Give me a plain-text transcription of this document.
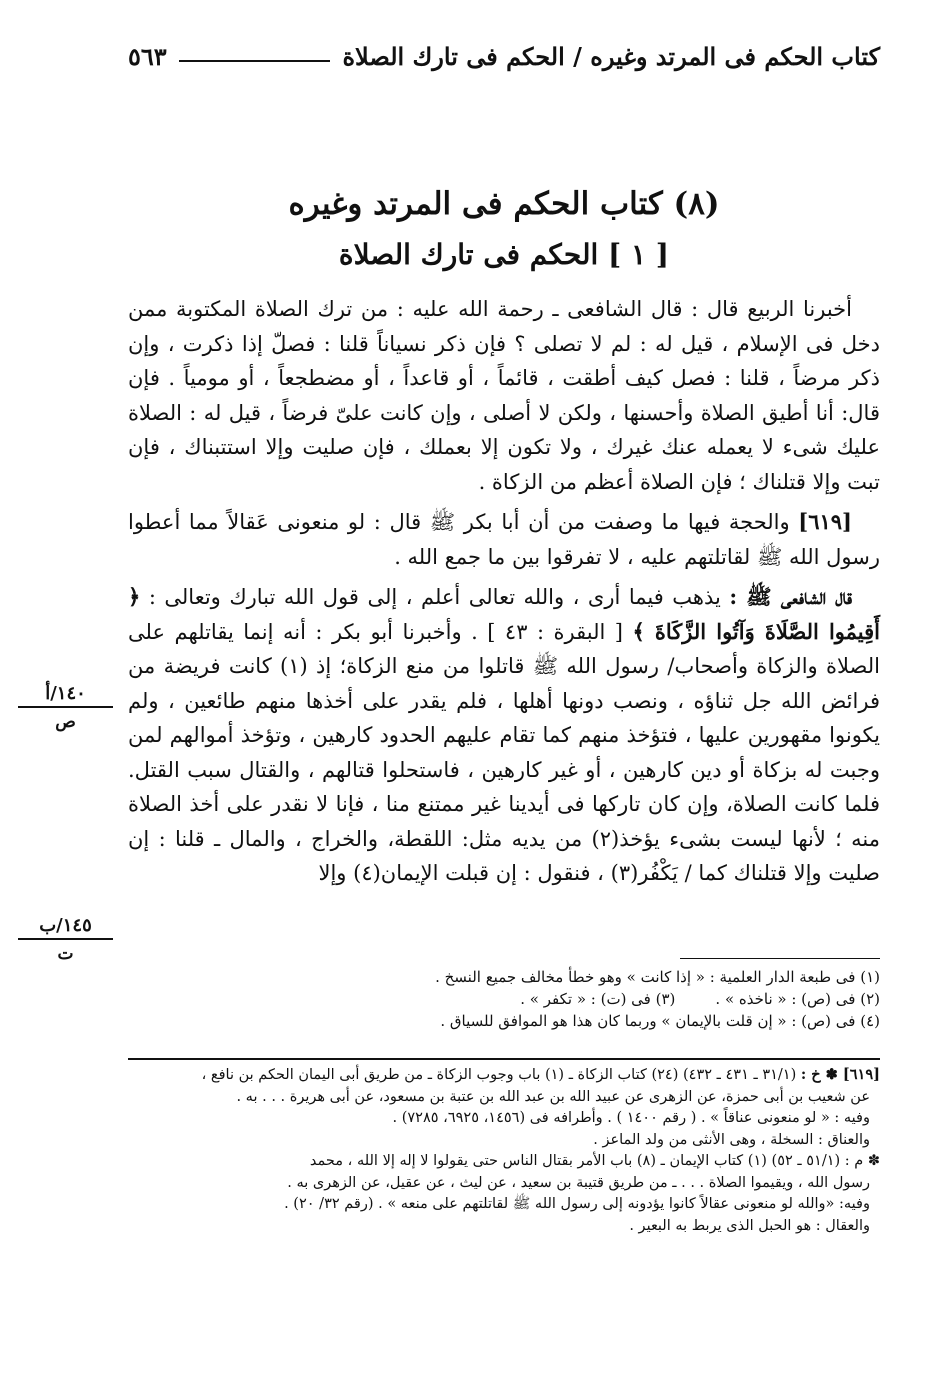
كتاب الحكم فى المرتد وغيره / الحكم فى تارك الصلاة
٥٦٣
(٨) كتاب الحكم فى المرتد وغيره
[ ١ ] الحكم فى تارك الصلاة

أخبرنا الربيع قال : قال الشافعى ـ رحمة الله عليه : من ترك الصلاة المكتوبة ممن دخل فى الإسلام ، قيل له : لم لا تصلى ؟ فإن ذكر نسياناً قلنا : فصلّ إذا ذكرت ، وإن ذكر مرضاً ، قلنا : فصل كيف أطقت ، قائماً ، أو قاعداً ، أو مضطجعاً ، أو مومياً . فإن قال: أنا أطيق الصلاة وأحسنها ، ولكن لا أصلى ، وإن كانت علىّ فرضاً ، قيل له : الصلاة عليك شىء لا يعمله عنك غيرك ، ولا تكون إلا بعملك ، فإن صليت وإلا استتبناك ، فإن تبت وإلا قتلناك ؛ فإن الصلاة أعظم من الزكاة .

[٦١٩] والحجة فيها ما وصفت من أن أبا بكر ﷺ قال : لو منعونى عَقالاً مما أعطوا رسول الله ﷺ لقاتلتهم عليه ، لا تفرقوا بين ما جمع الله .

قال الشافعى ﷺ : يذهب فيما أرى ، والله تعالى أعلم ، إلى قول الله تبارك وتعالى : ﴿ أَقِيمُوا الصَّلَاةَ وَآتُوا الزَّكَاةَ ﴾ [ البقرة : ٤٣ ] . وأخبرنا أبو بكر : أنه إنما يقاتلهم على الصلاة والزكاة وأصحاب/ رسول الله ﷺ قاتلوا من منع الزكاة؛ إذ (١) كانت فريضة من فرائض الله جل ثناؤه ، ونصب دونها أهلها ، فلم يقدر على أخذها منهم طائعين ، ولم يكونوا مقهورين عليها ، فتؤخذ منهم كما تقام عليهم الحدود كارهين ، وتؤخذ أموالهم لمن وجبت له بزكاة أو دين كارهين ، أو غير كارهين ، فاستحلوا قتالهم ، والقتال سبب القتل. فلما كانت الصلاة، وإن كان تاركها فى أيدينا غير ممتنع منا ، فإنا لا نقدر على أخذ الصلاة منه ؛ لأنها ليست بشىء يؤخذ(٢) من يديه مثل: اللقطة، والخراج ، والمال ـ قلنا : إن صليت وإلا قتلناك كما / يَكْفُر(٣) ، فنقول : إن قبلت الإيمان(٤) وإلا

١٤٠/أ
ص
١٤٥/ب
ت
(١) فى طبعة الدار العلمية : « إذا كانت » وهو خطأ مخالف جميع النسخ .
(٢) فى (ص) : « ناخذه » .
(٣) فى (ت) : « تكفر » .
(٤) فى (ص) : « إن قلت بالإيمان » وربما كان هذا هو الموافق للسياق .

[٦١٩] ✽ خ : (٣١/١ ـ ٤٣١ ـ ٤٣٢) (٢٤) كتاب الزكاة ـ (١) باب وجوب الزكاة ـ من طريق أبى اليمان الحكم بن نافع ،

عن شعيب بن أبى حمزة، عن الزهرى عن عبيد الله بن عبد الله بن عتبة بن مسعود، عن أبى هريرة . . . به .

وفيه : « لو منعونى عناقاً » . ( رقم ١٤٠٠ ) . وأطرافه فى (١٤٥٦، ٦٩٢٥، ٧٢٨٥) .

والعناق : السخلة ، وهى الأنثى من ولد الماعز .

✽ م : (٥١/١ ـ ٥٢) (١) كتاب الإيمان ـ (٨) باب الأمر بقتال الناس حتى يقولوا لا إله إلا الله ، محمد

رسول الله ، ويقيموا الصلاة . . . ـ من طريق قتيبة بن سعيد ، عن ليث ، عن عقيل، عن الزهرى به .

وفيه: «والله لو منعونى عقالاً كانوا يؤدونه إلى رسول الله ﷺ لقاتلتهم على منعه » . (رقم ٣٢/ ٢٠) .

والعقال : هو الحبل الذى يربط به البعير .
